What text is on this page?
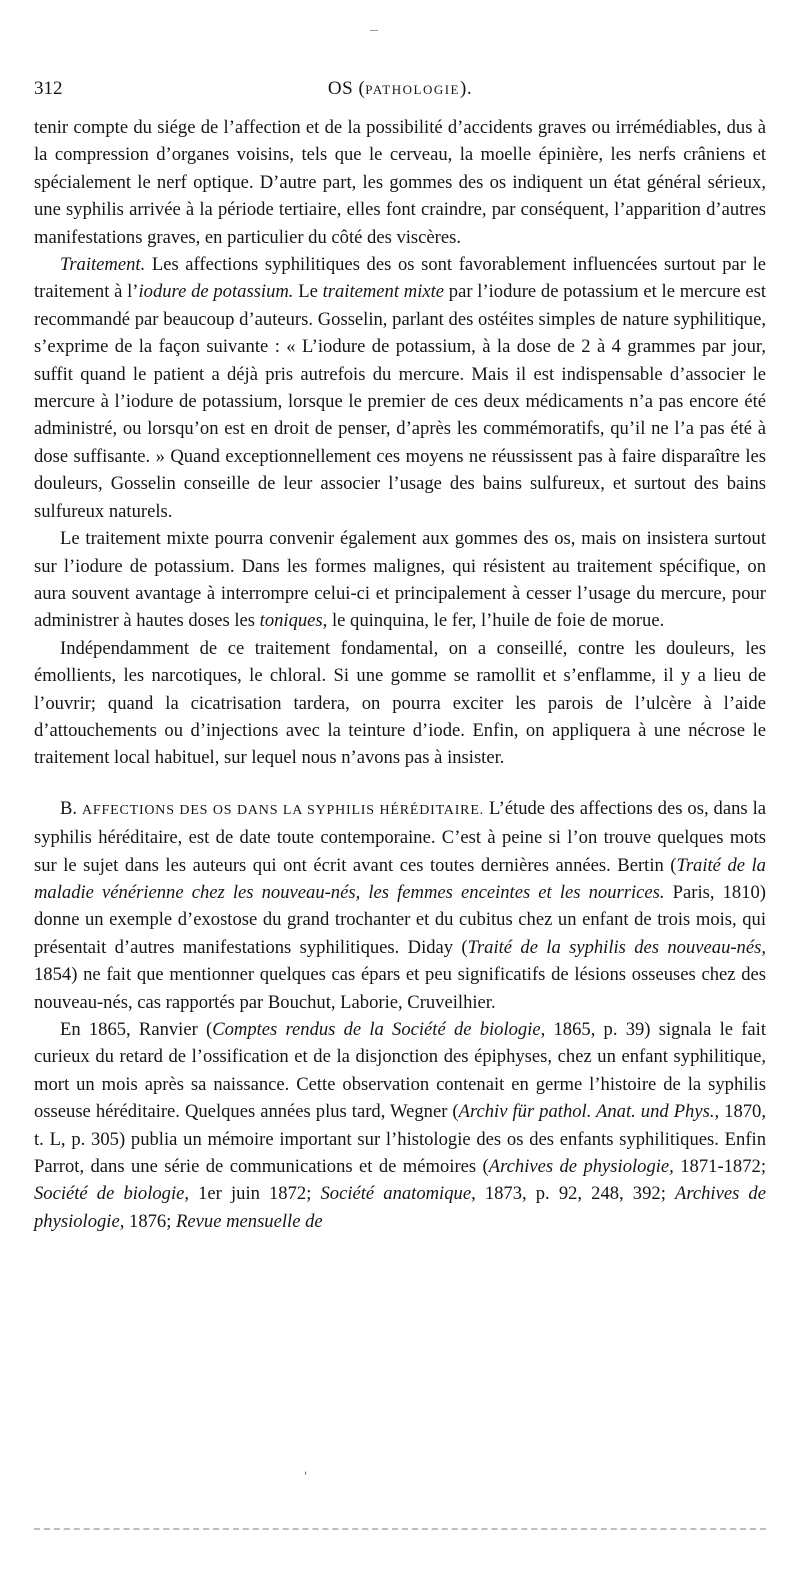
312	OS (PATHOLOGIE).

tenir compte du siége de l’affection et de la possibilité d’accidents graves ou irrémédiables, dus à la compression d’organes voisins, tels que le cerveau, la moelle épinière, les nerfs crâniens et spécialement le nerf optique. D’autre part, les gommes des os indiquent un état général sérieux, une syphilis arrivée à la période tertiaire, elles font craindre, par conséquent, l’apparition d’autres manifestations graves, en particulier du côté des viscères.

Traitement. Les affections syphilitiques des os sont favorablement influencées surtout par le traitement à l’iodure de potassium. Le traitement mixte par l’iodure de potassium et le mercure est recommandé par beaucoup d’auteurs. Gosselin, parlant des ostéites simples de nature syphilitique, s’exprime de la façon suivante : « L’iodure de potassium, à la dose de 2 à 4 grammes par jour, suffit quand le patient a déjà pris autrefois du mercure. Mais il est indispensable d’associer le mercure à l’iodure de potassium, lorsque le premier de ces deux médicaments n’a pas encore été administré, ou lorsqu’on est en droit de penser, d’après les commémoratifs, qu’il ne l’a pas été à dose suffisante. » Quand exceptionnellement ces moyens ne réussissent pas à faire disparaître les douleurs, Gosselin conseille de leur associer l’usage des bains sulfureux, et surtout des bains sulfureux naturels.

Le traitement mixte pourra convenir également aux gommes des os, mais on insistera surtout sur l’iodure de potassium. Dans les formes malignes, qui résistent au traitement spécifique, on aura souvent avantage à interrompre celui-ci et principalement à cesser l’usage du mercure, pour administrer à hautes doses les toniques, le quinquina, le fer, l’huile de foie de morue.

Indépendamment de ce traitement fondamental, on a conseillé, contre les douleurs, les émollients, les narcotiques, le chloral. Si une gomme se ramollit et s’enflamme, il y a lieu de l’ouvrir; quand la cicatrisation tardera, on pourra exciter les parois de l’ulcère à l’aide d’attouchements ou d’injections avec la teinture d’iode. Enfin, on appliquera à une nécrose le traitement local habituel, sur lequel nous n’avons pas à insister.

B. AFFECTIONS DES OS DANS LA SYPHILIS HÉRÉDITAIRE. L’étude des affections des os, dans la syphilis héréditaire, est de date toute contemporaine. C’est à peine si l’on trouve quelques mots sur le sujet dans les auteurs qui ont écrit avant ces toutes dernières années. Bertin (Traité de la maladie vénérienne chez les nouveau-nés, les femmes enceintes et les nourrices. Paris, 1810) donne un exemple d’exostose du grand trochanter et du cubitus chez un enfant de trois mois, qui présentait d’autres manifestations syphilitiques. Diday (Traité de la syphilis des nouveau-nés, 1854) ne fait que mentionner quelques cas épars et peu significatifs de lésions osseuses chez des nouveau-nés, cas rapportés par Bouchut, Laborie, Cruveilhier.

En 1865, Ranvier (Comptes rendus de la Société de biologie, 1865, p. 39) signala le fait curieux du retard de l’ossification et de la disjonction des épiphyses, chez un enfant syphilitique, mort un mois après sa naissance. Cette observation contenait en germe l’histoire de la syphilis osseuse héréditaire. Quelques années plus tard, Wegner (Archiv für pathol. Anat. und Phys., 1870, t. L, p. 305) publia un mémoire important sur l’histologie des os des enfants syphilitiques. Enfin Parrot, dans une série de communications et de mémoires (Archives de physiologie, 1871-1872; Société de biologie, 1er juin 1872; Société anatomique, 1873, p. 92, 248, 392; Archives de physiologie, 1876; Revue mensuelle de

ˌ
